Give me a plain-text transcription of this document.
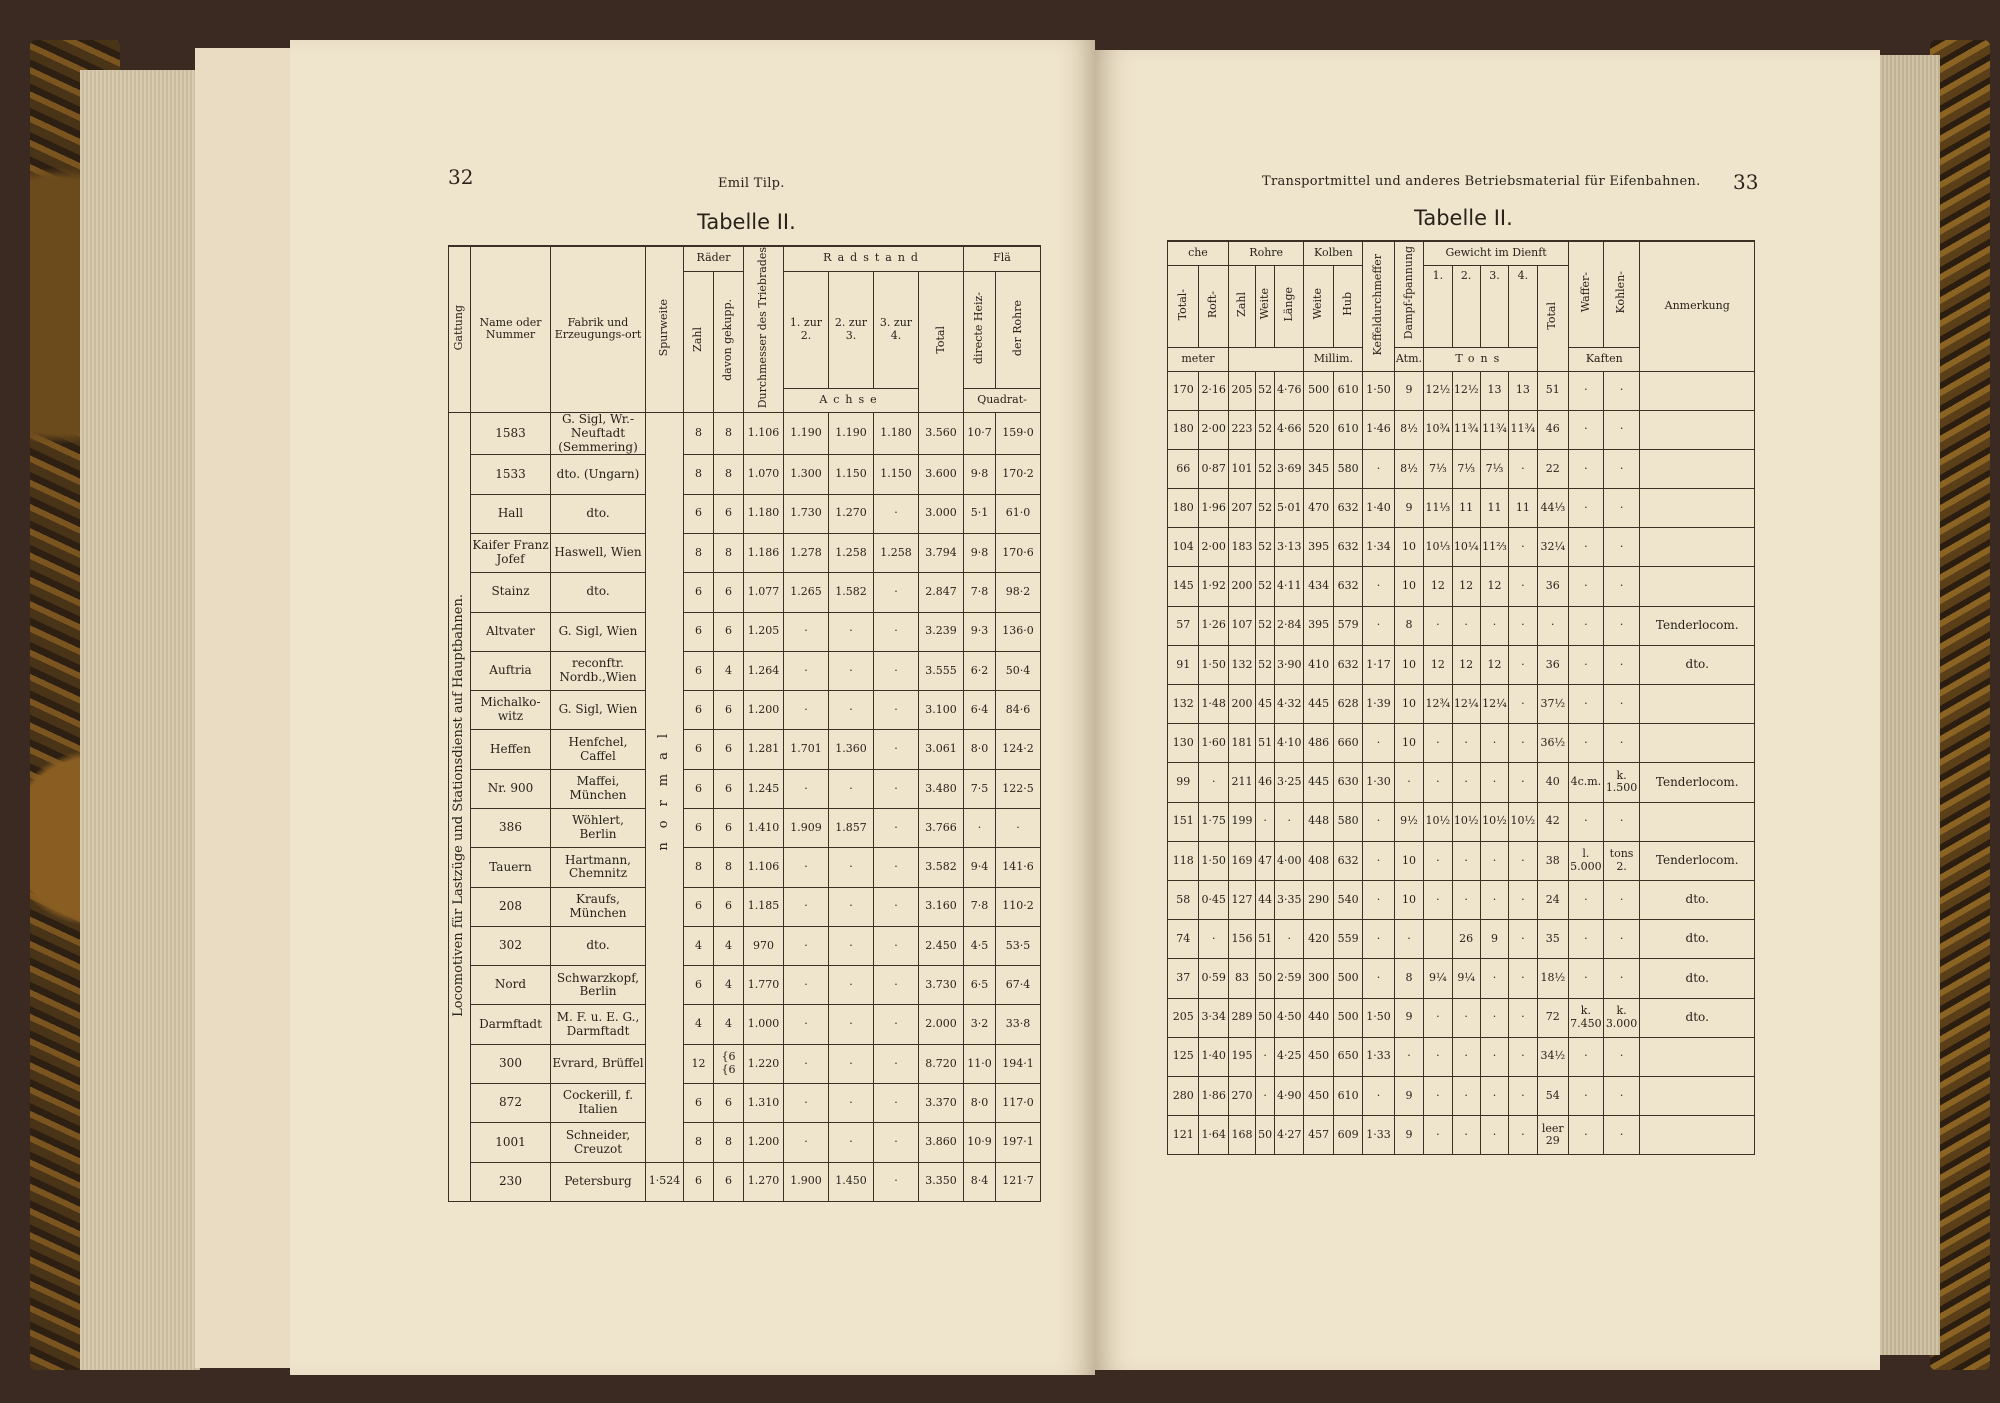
32	Emil Tilp.
Tabelle II.
Gattung	Name oder Nummer	Fabrik und Erzeugungs-ort	Spurweite	Räder		Durchmesser des Triebrades	Radstand				Flä	
				Zahl	davon gekupp.		1. zur 2.	2. zur 3.	3. zur 4.	Total	directe Heiz-	der Rohre
							Achse				Quadrat-	
Locomotiven für Lastzüge und Stationsdienst auf Hauptbahnen.	1583	G. Sigl, Wr.-Neuftadt (Semmering)	normal	8	8	1.106	1.190	1.190	1.180	3.560	10·7	159·0
	1533	dto. (Ungarn)		8	8	1.070	1.300	1.150	1.150	3.600	9·8	170·2
	Hall	dto.		6	6	1.180	1.730	1.270	·	3.000	5·1	61·0
	Kaifer Franz Jofef	Haswell, Wien		8	8	1.186	1.278	1.258	1.258	3.794	9·8	170·6
	Stainz	dto.		6	6	1.077	1.265	1.582	·	2.847	7·8	98·2
	Altvater	G. Sigl, Wien		6	6	1.205	·	·	·	3.239	9·3	136·0
	Auftria	reconftr. Nordb.,Wien		6	4	1.264	·	·	·	3.555	6·2	50·4
	Michalko-witz	G. Sigl, Wien		6	6	1.200	·	·	·	3.100	6·4	84·6
	Heffen	Henfchel, Caffel		6	6	1.281	1.701	1.360	·	3.061	8·0	124·2
	Nr. 900	Maffei, München		6	6	1.245	·	·	·	3.480	7·5	122·5
	386	Wöhlert, Berlin		6	6	1.410	1.909	1.857	·	3.766	·	·
	Tauern	Hartmann, Chemnitz		8	8	1.106	·	·	·	3.582	9·4	141·6
	208	Kraufs, München		6	6	1.185	·	·	·	3.160	7·8	110·2
	302	dto.		4	4	970	·	·	·	2.450	4·5	53·5
	Nord	Schwarzkopf, Berlin		6	4	1.770	·	·	·	3.730	6·5	67·4
	Darmftadt	M. F. u. E. G., Darmftadt		4	4	1.000	·	·	·	2.000	3·2	33·8
	300	Evrard, Brüffel		12	{6 {6	1.220	·	·	·	8.720	11·0	194·1
	872	Cockerill, f. Italien		6	6	1.310	·	·	·	3.370	8·0	117·0
	1001	Schneider, Creuzot		8	8	1.200	·	·	·	3.860	10·9	197·1
	230	Petersburg	1·524	6	6	1.270	1.900	1.450	·	3.350	8·4	121·7
Transportmittel und anderes Betriebsmaterial für Eifenbahnen. 33
Tabelle II.
che		Rohre			Kolben		Keffeldurchmeffer	Dampf-fpannung	Gewicht im Dienft					Waffer-	Kohlen-	Anmerkung
Total-	Roft-	Zahl	Weite	Länge	Weite	Hub			1.	2.	3.	4.	Total			
meter					Millim.			Atm.	Tons					Kaften		
170	2·16	205	52	4·76	500	610	1·50	9	12½	12½	13	13	51	·	·	
180	2·00	223	52	4·66	520	610	1·46	8½	10¾	11¾	11¾	11¾	46	·	·	
66	0·87	101	52	3·69	345	580	·	8½	7⅓	7⅓	7⅓	·	22	·	·	
180	1·96	207	52	5·01	470	632	1·40	9	11⅓	11	11	11	44⅓	·	·	
104	2·00	183	52	3·13	395	632	1·34	10	10⅓	10¼	11⅔	·	32¼	·	·	
145	1·92	200	52	4·11	434	632	·	10	12	12	12	·	36	·	·	
57	1·26	107	52	2·84	395	579	·	8	·	·	·	·	·	·	·	Tenderlocom.
91	1·50	132	52	3·90	410	632	1·17	10	12	12	12	·	36	·	·	dto.
132	1·48	200	45	4·32	445	628	1·39	10	12¾	12¼	12¼	·	37½	·	·	
130	1·60	181	51	4·10	486	660	·	10	·	·	·	·	36½	·	·	
99	·	211	46	3·25	445	630	1·30	·	·	·	·	·	40	4c.m.	k. 1.500	Tenderlocom.
151	1·75	199	·	·	448	580	·	9½	10½	10½	10½	10½	42	·	·	
118	1·50	169	47	4·00	408	632	·	10	·	·	·	·	38	l. 5.000	tons 2.	Tenderlocom.
58	0·45	127	44	3·35	290	540	·	10	·	·	·	·	24	·	·	dto.
74	·	156	51	·	420	559	·	·		26	9	·	35	·	·	dto.
37	0·59	83	50	2·59	300	500	·	8	9¼	9¼	·	·	18½	·	·	dto.
205	3·34	289	50	4·50	440	500	1·50	9	·	·	·	·	72	k. 7.450	k. 3.000	dto.
125	1·40	195	·	4·25	450	650	1·33	·	·	·	·	·	34½	·	·	
280	1·86	270	·	4·90	450	610	·	9	·	·	·	·	54	·	·	
121	1·64	168	50	4·27	457	609	1·33	9	·	·	·	·	leer 29	·	·	
